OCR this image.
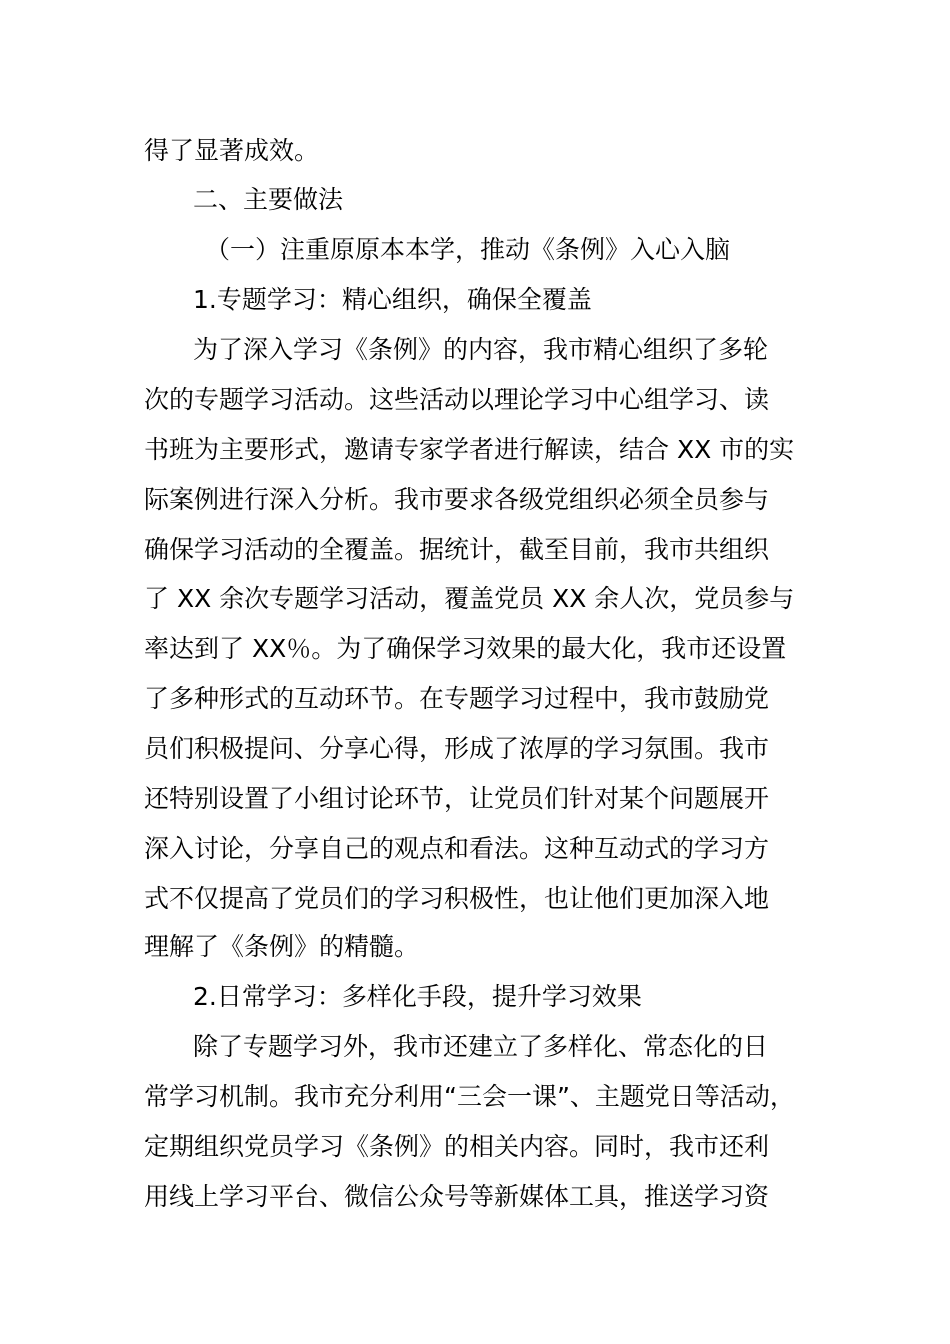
得了显著成效。
二、主要做法
（一）注重原原本本学，推动《条例》入心入脑
1.专题学习：精心组织，确保全覆盖
为了深入学习《条例》的内容，我市精心组织了多轮
次的专题学习活动。这些活动以理论学习中心组学习、读
书班为主要形式，邀请专家学者进行解读，结合 XX 市的实
际案例进行深入分析。我市要求各级党组织必须全员参与
确保学习活动的全覆盖。据统计，截至目前，我市共组织
了 XX 余次专题学习活动，覆盖党员 XX 余人次，党员参与
率达到了 XX％。为了确保学习效果的最大化，我市还设置
了多种形式的互动环节。在专题学习过程中，我市鼓励党
员们积极提问、分享心得，形成了浓厚的学习氛围。我市
还特别设置了小组讨论环节，让党员们针对某个问题展开
深入讨论，分享自己的观点和看法。这种互动式的学习方
式不仅提高了党员们的学习积极性，也让他们更加深入地
理解了《条例》的精髓。
2.日常学习：多样化手段，提升学习效果
除了专题学习外，我市还建立了多样化、常态化的日
常学习机制。我市充分利用“三会一课”、主题党日等活动，
定期组织党员学习《条例》的相关内容。同时，我市还利
用线上学习平台、微信公众号等新媒体工具，推送学习资
